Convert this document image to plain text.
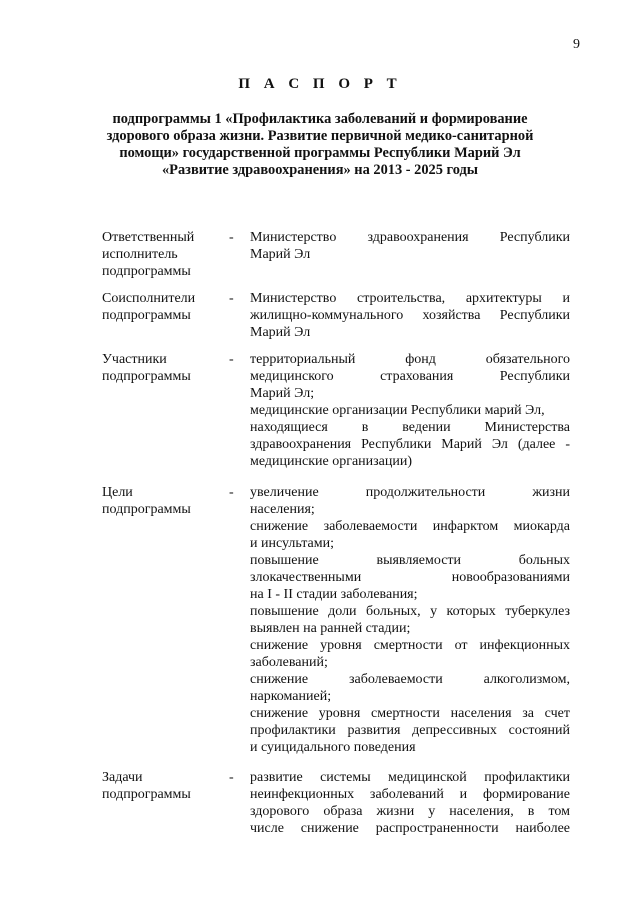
9
П А С П О Р Т
подпрограммы 1 «Профилактика заболеваний и формирование
здорового образа жизни. Развитие первичной медико-санитарной
помощи» государственной программы Республики Марий Эл
«Развитие здравоохранения» на 2013 - 2025 годы
Ответственный
исполнитель
подпрограммы
- Министерство здравоохранения Республики
Марий Эл
Соисполнители
подпрограммы
- Министерство строительства, архитектуры и
жилищно-коммунального хозяйства Республики
Марий Эл
Участники
подпрограммы
- территориальный фонд обязательного
медицинского страхования Республики
Марий Эл;
медицинские организации Республики марий Эл,
находящиеся в ведении Министерства
здравоохранения Республики Марий Эл (далее -
медицинские организации)
Цели
подпрограммы
- увеличение продолжительности жизни
населения;
снижение заболеваемости инфарктом миокарда
и инсультами;
повышение выявляемости больных
злокачественными новообразованиями
на I - II стадии заболевания;
повышение доли больных, у которых туберкулез
выявлен на ранней стадии;
снижение уровня смертности от инфекционных
заболеваний;
снижение заболеваемости алкоголизмом,
наркоманией;
снижение уровня смертности населения за счет
профилактики развития депрессивных состояний
и суицидального поведения
Задачи
подпрограммы
- развитие системы медицинской профилактики
неинфекционных заболеваний и формирование
здорового образа жизни у населения, в том
числе снижение распространенности наиболее
